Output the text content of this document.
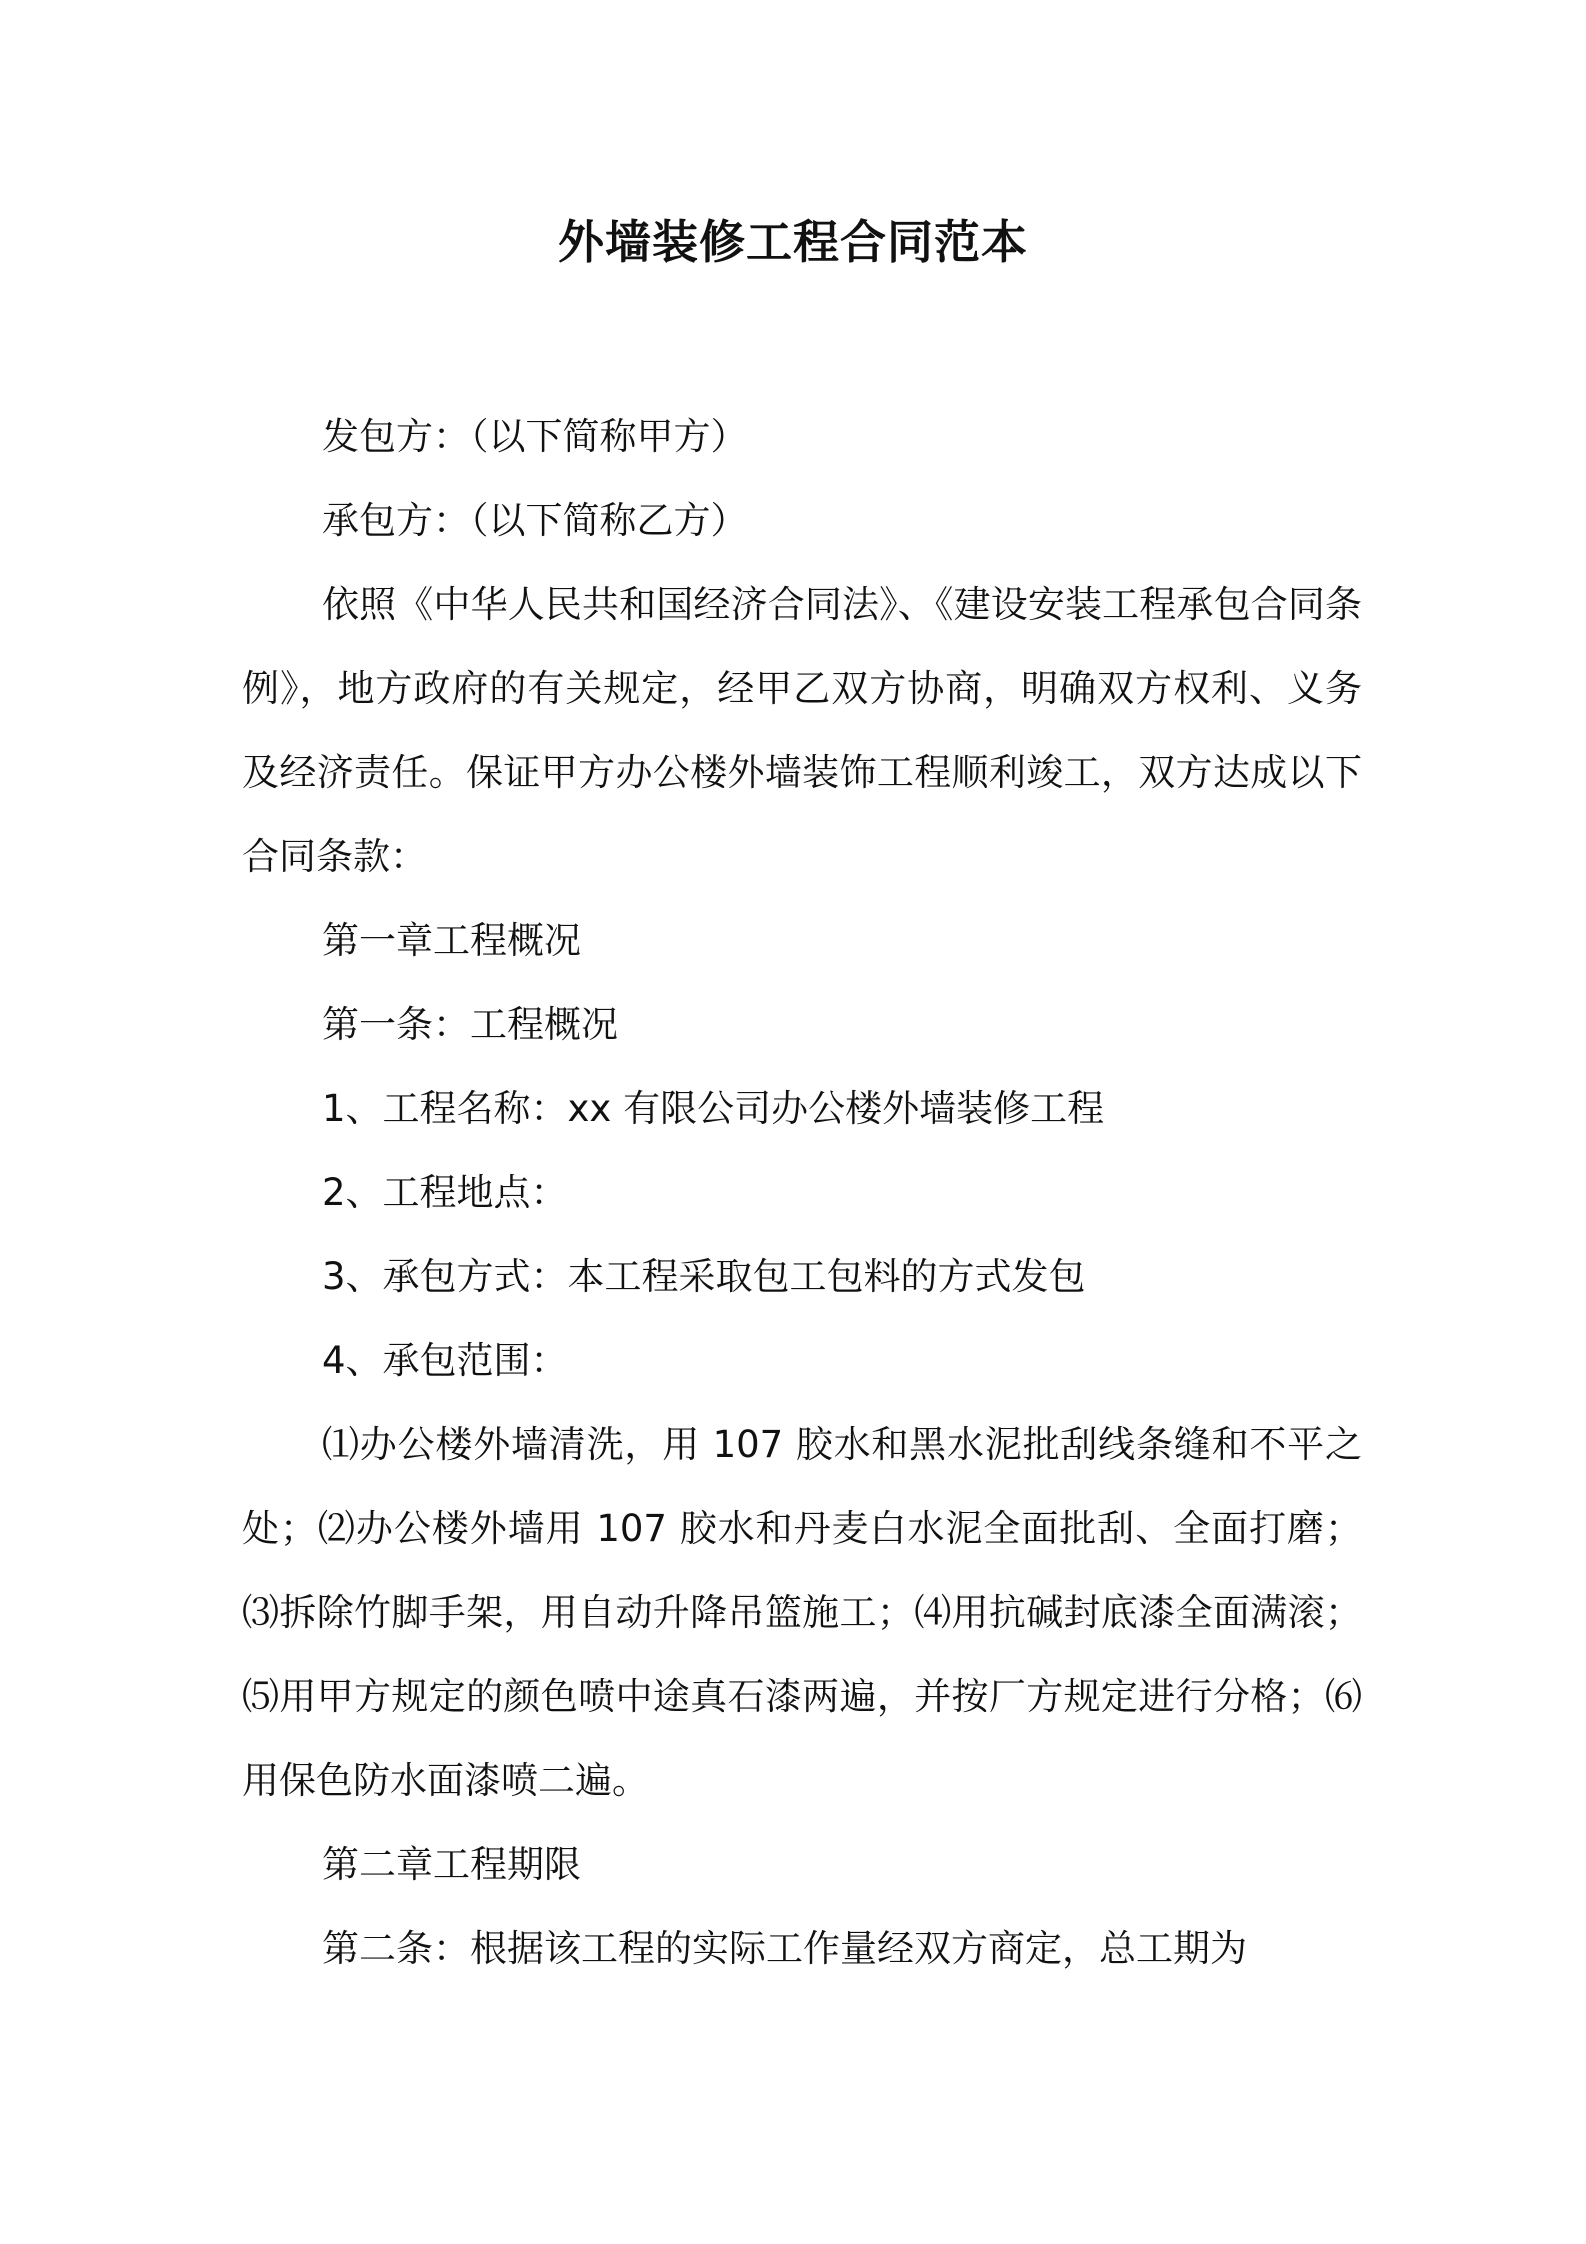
外墙装修工程合同范本

发包方：（以下简称甲方）

承包方：（以下简称乙方）

依照《中华人民共和国经济合同法》、《建设安装工程承包合同条例》，地方政府的有关规定，经甲乙双方协商，明确双方权利、义务及经济责任。保证甲方办公楼外墙装饰工程顺利竣工，双方达成以下合同条款：

第一章工程概况

第一条：工程概况

1、工程名称：xx 有限公司办公楼外墙装修工程

2、工程地点：

3、承包方式：本工程采取包工包料的方式发包

4、承包范围：

⑴办公楼外墙清洗，用 107 胶水和黑水泥批刮线条缝和不平之处；⑵办公楼外墙用 107 胶水和丹麦白水泥全面批刮、全面打磨；⑶拆除竹脚手架，用自动升降吊篮施工；⑷用抗碱封底漆全面满滚；⑸用甲方规定的颜色喷中途真石漆两遍，并按厂方规定进行分格；⑹用保色防水面漆喷二遍。

第二章工程期限

第二条：根据该工程的实际工作量经双方商定，总工期为
